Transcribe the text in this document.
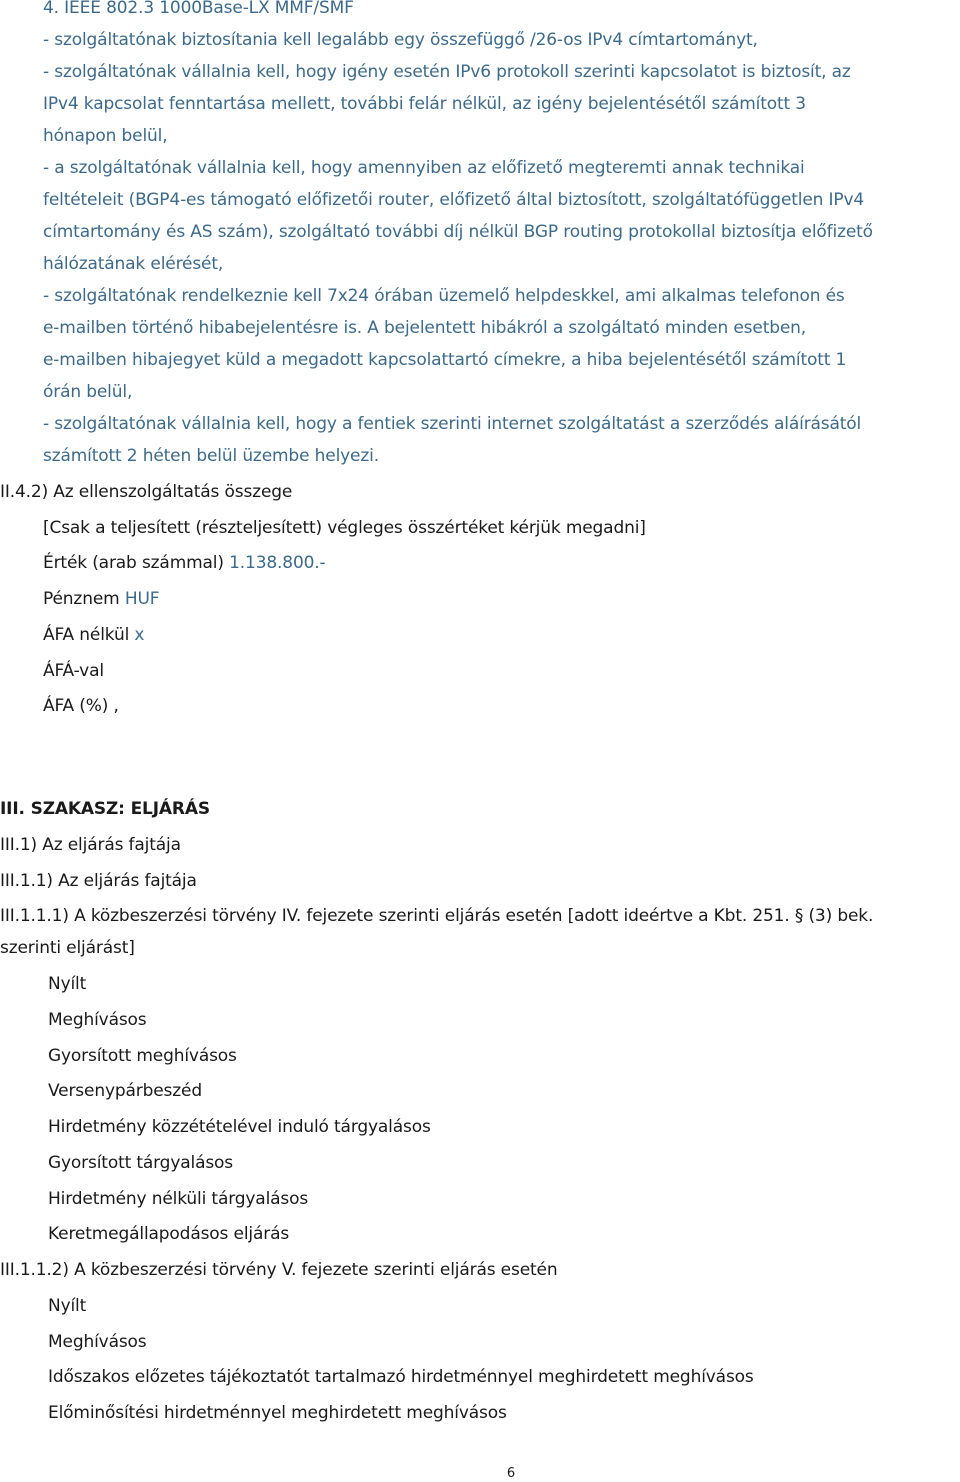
4. IEEE 802.3 1000Base-LX MMF/SMF
- szolgáltatónak biztosítania kell legalább egy összefüggő /26-os IPv4 címtartományt,
- szolgáltatónak vállalnia kell, hogy igény esetén IPv6 protokoll szerinti kapcsolatot is biztosít, az
IPv4 kapcsolat fenntartása mellett, további felár nélkül, az igény bejelentésétől számított 3
hónapon belül,
- a szolgáltatónak vállalnia kell, hogy amennyiben az előfizető megteremti annak technikai
feltételeit (BGP4-es támogató előfizetői router, előfizető által biztosított, szolgáltatófüggetlen IPv4
címtartomány és AS szám), szolgáltató további díj nélkül BGP routing protokollal biztosítja előfizető
hálózatának elérését,
- szolgáltatónak rendelkeznie kell 7x24 órában üzemelő helpdeskkel, ami alkalmas telefonon és
e-mailben történő hibabejelentésre is. A bejelentett hibákról a szolgáltató minden esetben,
e-mailben hibajegyet küld a megadott kapcsolattartó címekre, a hiba bejelentésétől számított 1
órán belül,
- szolgáltatónak vállalnia kell, hogy a fentiek szerinti internet szolgáltatást a szerződés aláírásától
számított 2 héten belül üzembe helyezi.
II.4.2) Az ellenszolgáltatás összege
[Csak a teljesített (részteljesített) végleges összértéket kérjük megadni]
Érték (arab számmal) 1.138.800.-
Pénznem HUF
ÁFA nélkül x
ÁFÁ-val
ÁFA (%) ,
III. SZAKASZ: ELJÁRÁS
III.1) Az eljárás fajtája
III.1.1) Az eljárás fajtája
III.1.1.1) A közbeszerzési törvény IV. fejezete szerinti eljárás esetén [adott ideértve a Kbt. 251. § (3) bek.
szerinti eljárást]
Nyílt
Meghívásos
Gyorsított meghívásos
Versenypárbeszéd
Hirdetmény közzétételével induló tárgyalásos
Gyorsított tárgyalásos
Hirdetmény nélküli tárgyalásos
Keretmegállapodásos eljárás
III.1.1.2) A közbeszerzési törvény V. fejezete szerinti eljárás esetén
Nyílt
Meghívásos
Időszakos előzetes tájékoztatót tartalmazó hirdetménnyel meghirdetett meghívásos
Előminősítési hirdetménnyel meghirdetett meghívásos
6
